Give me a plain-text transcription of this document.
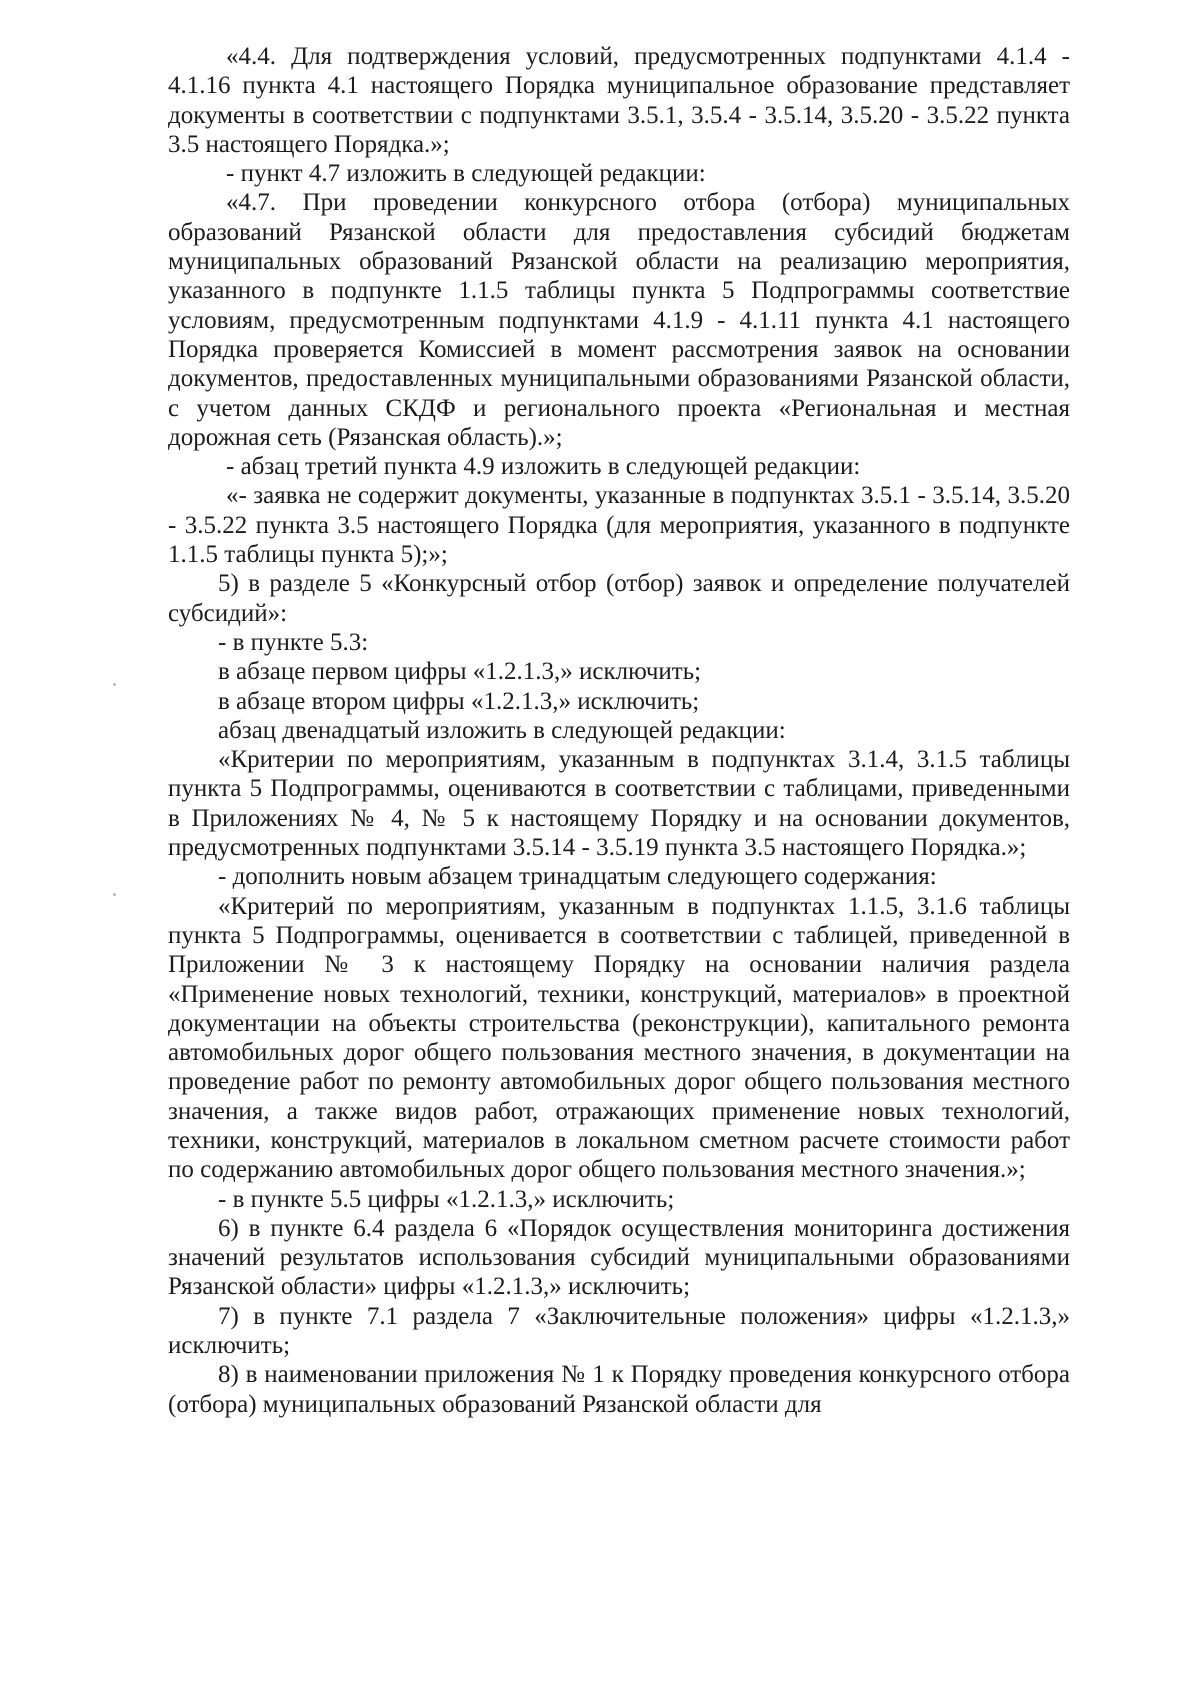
«4.4. Для подтверждения условий, предусмотренных подпунктами 4.1.4 - 4.1.16 пункта 4.1 настоящего Порядка муниципальное образование представляет документы в соответствии с подпунктами 3.5.1, 3.5.4 - 3.5.14, 3.5.20 - 3.5.22 пункта 3.5 настоящего Порядка.»;

- пункт 4.7 изложить в следующей редакции:

«4.7. При проведении конкурсного отбора (отбора) муниципальных образований Рязанской области для предоставления субсидий бюджетам муниципальных образований Рязанской области на реализацию мероприятия, указанного в подпункте 1.1.5 таблицы пункта 5 Подпрограммы соответствие условиям, предусмотренным подпунктами 4.1.9 - 4.1.11 пункта 4.1 настоящего Порядка проверяется Комиссией в момент рассмотрения заявок на основании документов, предоставленных муниципальными образованиями Рязанской области, с учетом данных СКДФ и регионального проекта «Региональная и местная дорожная сеть (Рязанская область).»;

- абзац третий пункта 4.9 изложить в следующей редакции:

«- заявка не содержит документы, указанные в подпунктах 3.5.1 - 3.5.14, 3.5.20 - 3.5.22 пункта 3.5 настоящего Порядка (для мероприятия, указанного в подпункте 1.1.5 таблицы пункта 5);»;

5) в разделе 5 «Конкурсный отбор (отбор) заявок и определение получателей субсидий»:

- в пункте 5.3:

в абзаце первом цифры «1.2.1.3,» исключить;

в абзаце втором цифры «1.2.1.3,» исключить;

абзац двенадцатый изложить в следующей редакции:

«Критерии по мероприятиям, указанным в подпунктах 3.1.4, 3.1.5 таблицы пункта 5 Подпрограммы, оцениваются в соответствии с таблицами, приведенными в Приложениях № 4, № 5 к настоящему Порядку и на основании документов, предусмотренных подпунктами 3.5.14 - 3.5.19 пункта 3.5 настоящего Порядка.»;

- дополнить новым абзацем тринадцатым следующего содержания:

«Критерий по мероприятиям, указанным в подпунктах 1.1.5, 3.1.6 таблицы пункта 5 Подпрограммы, оценивается в соответствии с таблицей, приведенной в Приложении № 3 к настоящему Порядку на основании наличия раздела «Применение новых технологий, техники, конструкций, материалов» в проектной документации на объекты строительства (реконструкции), капитального ремонта автомобильных дорог общего пользования местного значения, в документации на проведение работ по ремонту автомобильных дорог общего пользования местного значения, а также видов работ, отражающих применение новых технологий, техники, конструкций, материалов в локальном сметном расчете стоимости работ по содержанию автомобильных дорог общего пользования местного значения.»;

- в пункте 5.5 цифры «1.2.1.3,» исключить;

6) в пункте 6.4 раздела 6 «Порядок осуществления мониторинга достижения значений результатов использования субсидий муниципальными образованиями Рязанской области» цифры «1.2.1.3,» исключить;

7) в пункте 7.1 раздела 7 «Заключительные положения» цифры «1.2.1.3,» исключить;

8) в наименовании приложения № 1 к Порядку проведения конкурсного отбора (отбора) муниципальных образований Рязанской области для
